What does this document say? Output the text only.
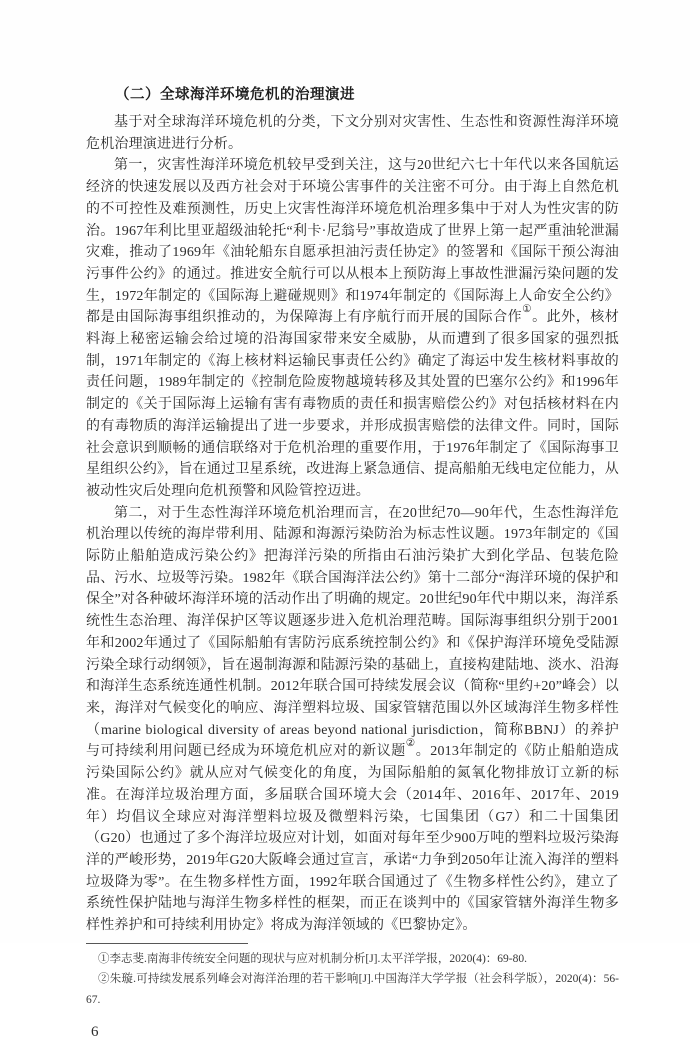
（二）全球海洋环境危机的治理演进

基于对全球海洋环境危机的分类，下文分别对灾害性、生态性和资源性海洋环境危机治理演进进行分析。

第一，灾害性海洋环境危机较早受到关注，这与20世纪六七十年代以来各国航运经济的快速发展以及西方社会对于环境公害事件的关注密不可分。由于海上自然危机的不可控性及难预测性，历史上灾害性海洋环境危机治理多集中于对人为性灾害的防治。1967年利比里亚超级油轮托“利卡·尼翁号”事故造成了世界上第一起严重油轮泄漏灾难，推动了1969年《油轮船东自愿承担油污责任协定》的签署和《国际干预公海油污事件公约》的通过。推进安全航行可以从根本上预防海上事故性泄漏污染问题的发生，1972年制定的《国际海上避碰规则》和1974年制定的《国际海上人命安全公约》都是由国际海事组织推动的，为保障海上有序航行而开展的国际合作①。此外，核材料海上秘密运输会给过境的沿海国家带来安全威胁，从而遭到了很多国家的强烈抵制，1971年制定的《海上核材料运输民事责任公约》确定了海运中发生核材料事故的责任问题，1989年制定的《控制危险废物越境转移及其处置的巴塞尔公约》和1996年制定的《关于国际海上运输有害有毒物质的责任和损害赔偿公约》对包括核材料在内的有毒物质的海洋运输提出了进一步要求，并形成损害赔偿的法律文件。同时，国际社会意识到顺畅的通信联络对于危机治理的重要作用，于1976年制定了《国际海事卫星组织公约》，旨在通过卫星系统，改进海上紧急通信、提高船舶无线电定位能力，从被动性灾后处理向危机预警和风险管控迈进。

第二，对于生态性海洋环境危机治理而言，在20世纪70—90年代，生态性海洋危机治理以传统的海岸带利用、陆源和海源污染防治为标志性议题。1973年制定的《国际防止船舶造成污染公约》把海洋污染的所指由石油污染扩大到化学品、包装危险品、污水、垃圾等污染。1982年《联合国海洋法公约》第十二部分“海洋环境的保护和保全”对各种破坏海洋环境的活动作出了明确的规定。20世纪90年代中期以来，海洋系统性生态治理、海洋保护区等议题逐步进入危机治理范畴。国际海事组织分别于2001年和2002年通过了《国际船舶有害防污底系统控制公约》和《保护海洋环境免受陆源污染全球行动纲领》，旨在遏制海源和陆源污染的基础上，直接构建陆地、淡水、沿海和海洋生态系统连通性机制。2012年联合国可持续发展会议（简称“里约+20”峰会）以来，海洋对气候变化的响应、海洋塑料垃圾、国家管辖范围以外区域海洋生物多样性（marine biological diversity of areas beyond national jurisdiction，简称BBNJ）的养护与可持续利用问题已经成为环境危机应对的新议题②。2013年制定的《防止船舶造成污染国际公约》就从应对气候变化的角度，为国际船舶的氮氧化物排放订立新的标准。在海洋垃圾治理方面，多届联合国环境大会（2014年、2016年、2017年、2019年）均倡议全球应对海洋塑料垃圾及微塑料污染，七国集团（G7）和二十国集团（G20）也通过了多个海洋垃圾应对计划，如面对每年至少900万吨的塑料垃圾污染海洋的严峻形势，2019年G20大阪峰会通过宣言，承诺“力争到2050年让流入海洋的塑料垃圾降为零”。在生物多样性方面，1992年联合国通过了《生物多样性公约》，建立了系统性保护陆地与海洋生物多样性的框架，而正在谈判中的《国家管辖外海洋生物多样性养护和可持续利用协定》将成为海洋领域的《巴黎协定》。

①李志斐.南海非传统安全问题的现状与应对机制分析[J].太平洋学报，2020(4)：69-80.
②朱璇.可持续发展系列峰会对海洋治理的若干影响[J].中国海洋大学学报（社会科学版），2020(4)：56-67.
6
